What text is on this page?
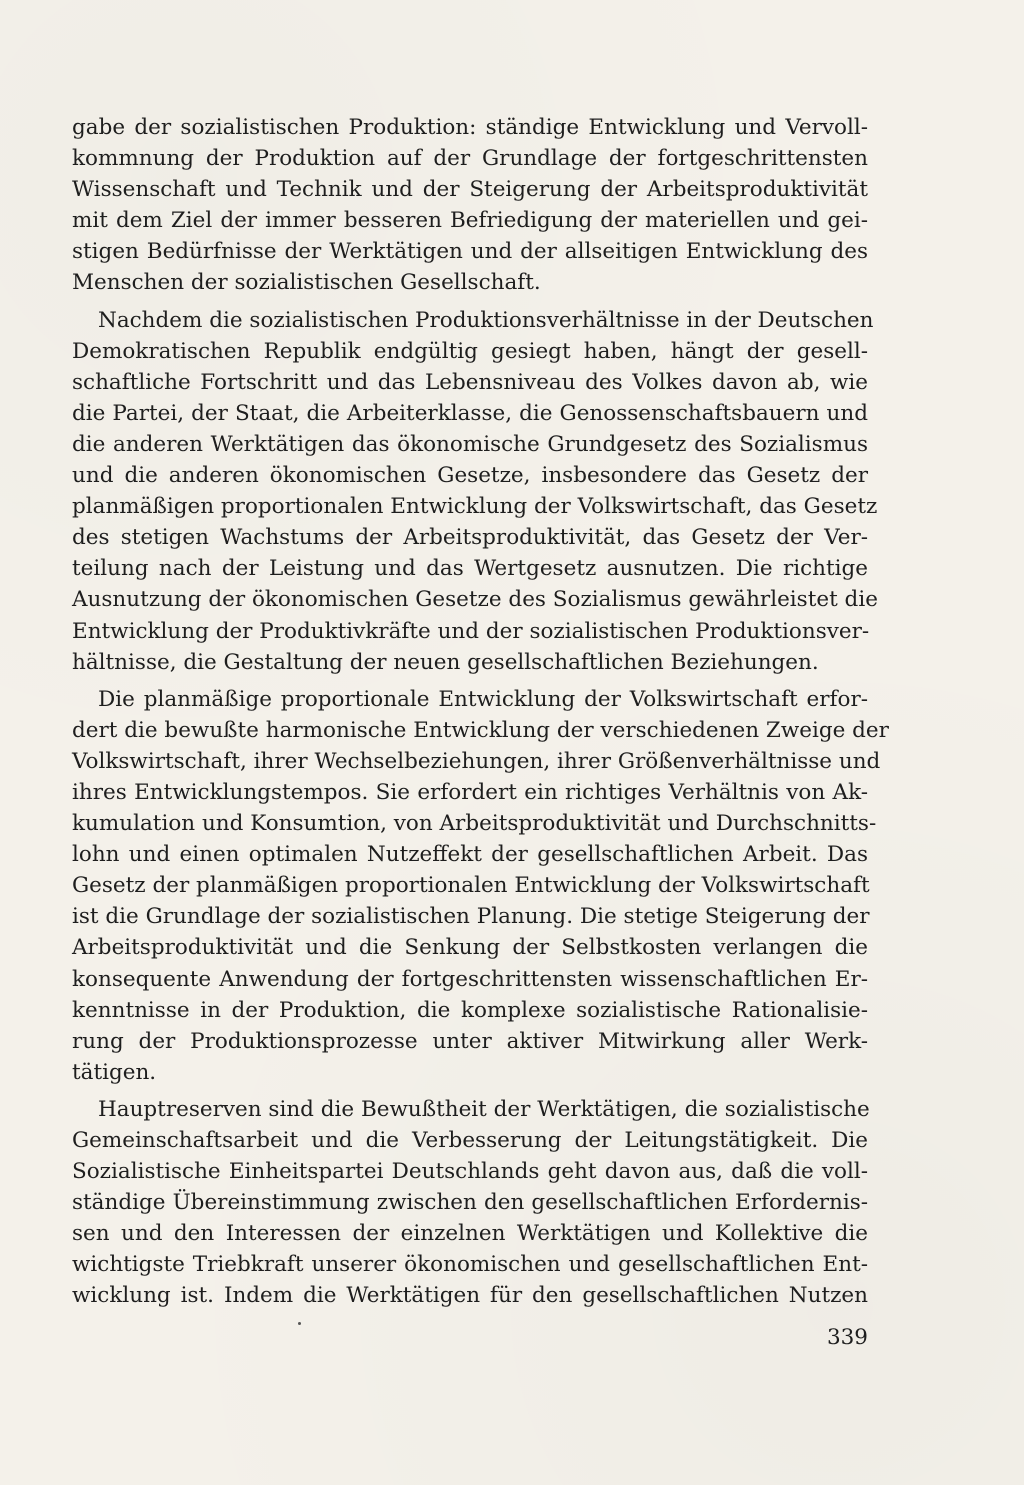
gabe der sozialistischen Produktion: ständige Entwicklung und Vervoll-
kommnung der Produktion auf der Grundlage der fortgeschrittensten
Wissenschaft und Technik und der Steigerung der Arbeitsproduktivität
mit dem Ziel der immer besseren Befriedigung der materiellen und gei-
stigen Bedürfnisse der Werktätigen und der allseitigen Entwicklung des
Menschen der sozialistischen Gesellschaft.
Nachdem die sozialistischen Produktionsverhältnisse in der Deutschen
Demokratischen Republik endgültig gesiegt haben, hängt der gesell-
schaftliche Fortschritt und das Lebensniveau des Volkes davon ab, wie
die Partei, der Staat, die Arbeiterklasse, die Genossenschaftsbauern und
die anderen Werktätigen das ökonomische Grundgesetz des Sozialismus
und die anderen ökonomischen Gesetze, insbesondere das Gesetz der
planmäßigen proportionalen Entwicklung der Volkswirtschaft, das Gesetz
des stetigen Wachstums der Arbeitsproduktivität, das Gesetz der Ver-
teilung nach der Leistung und das Wertgesetz ausnutzen. Die richtige
Ausnutzung der ökonomischen Gesetze des Sozialismus gewährleistet die
Entwicklung der Produktivkräfte und der sozialistischen Produktionsver-
hältnisse, die Gestaltung der neuen gesellschaftlichen Beziehungen.
Die planmäßige proportionale Entwicklung der Volkswirtschaft erfor-
dert die bewußte harmonische Entwicklung der verschiedenen Zweige der
Volkswirtschaft, ihrer Wechselbeziehungen, ihrer Größenverhältnisse und
ihres Entwicklungstempos. Sie erfordert ein richtiges Verhältnis von Ak-
kumulation und Konsumtion, von Arbeitsproduktivität und Durchschnitts-
lohn und einen optimalen Nutzeffekt der gesellschaftlichen Arbeit. Das
Gesetz der planmäßigen proportionalen Entwicklung der Volkswirtschaft
ist die Grundlage der sozialistischen Planung. Die stetige Steigerung der
Arbeitsproduktivität und die Senkung der Selbstkosten verlangen die
konsequente Anwendung der fortgeschrittensten wissenschaftlichen Er-
kenntnisse in der Produktion, die komplexe sozialistische Rationalisie-
rung der Produktionsprozesse unter aktiver Mitwirkung aller Werk-
tätigen.
Hauptreserven sind die Bewußtheit der Werktätigen, die sozialistische
Gemeinschaftsarbeit und die Verbesserung der Leitungstätigkeit. Die
Sozialistische Einheitspartei Deutschlands geht davon aus, daß die voll-
ständige Übereinstimmung zwischen den gesellschaftlichen Erfordernis-
sen und den Interessen der einzelnen Werktätigen und Kollektive die
wichtigste Triebkraft unserer ökonomischen und gesellschaftlichen Ent-
wicklung ist. Indem die Werktätigen für den gesellschaftlichen Nutzen
339
